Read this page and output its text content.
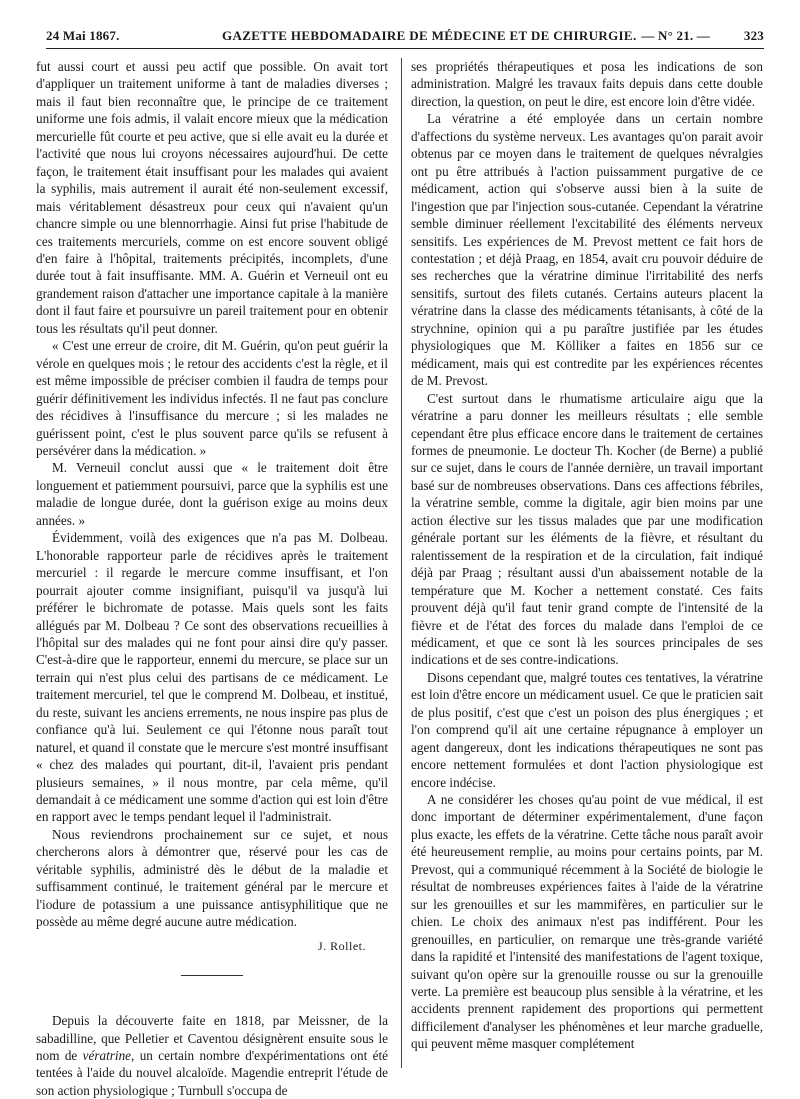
24 Mai 1867.	GAZETTE HEBDOMADAIRE DE MÉDECINE ET DE CHIRURGIE. — N° 21. —	323

fut aussi court et aussi peu actif que possible. On avait tort d'appliquer un traitement uniforme à tant de maladies diverses ; mais il faut bien reconnaître que, le principe de ce traitement uniforme une fois admis, il valait encore mieux que la médication mercurielle fût courte et peu active, que si elle avait eu la durée et l'activité que nous lui croyons nécessaires aujourd'hui. De cette façon, le traitement était insuffisant pour les malades qui avaient la syphilis, mais autrement il aurait été non-seulement excessif, mais véritablement désastreux pour ceux qui n'avaient qu'un chancre simple ou une blennorrhagie. Ainsi fut prise l'habitude de ces traitements mercuriels, comme on est encore souvent obligé d'en faire à l'hôpital, traitements précipités, incomplets, d'une durée tout à fait insuffisante. MM. A. Guérin et Verneuil ont eu grandement raison d'attacher une importance capitale à la manière dont il faut faire et poursuivre un pareil traitement pour en obtenir tous les résultats qu'il peut donner.

« C'est une erreur de croire, dit M. Guérin, qu'on peut guérir la vérole en quelques mois ; le retour des accidents c'est la règle, et il est même impossible de préciser combien il faudra de temps pour guérir définitivement les individus infectés. Il ne faut pas conclure des récidives à l'insuffisance du mercure ; si les malades ne guérissent point, c'est le plus souvent parce qu'ils se refusent à persévérer dans la médication. »

M. Verneuil conclut aussi que « le traitement doit être longuement et patiemment poursuivi, parce que la syphilis est une maladie de longue durée, dont la guérison exige au moins deux années. »

Évidemment, voilà des exigences que n'a pas M. Dolbeau. L'honorable rapporteur parle de récidives après le traitement mercuriel : il regarde le mercure comme insuffisant, et l'on pourrait ajouter comme insignifiant, puisqu'il va jusqu'à lui préférer le bichromate de potasse. Mais quels sont les faits allégués par M. Dolbeau ? Ce sont des observations recueillies à l'hôpital sur des malades qui ne font pour ainsi dire qu'y passer. C'est-à-dire que le rapporteur, ennemi du mercure, se place sur un terrain qui n'est plus celui des partisans de ce médicament. Le traitement mercuriel, tel que le comprend M. Dolbeau, et institué, du reste, suivant les anciens errements, ne nous inspire pas plus de confiance qu'à lui. Seulement ce qui l'étonne nous paraît tout naturel, et quand il constate que le mercure s'est montré insuffisant « chez des malades qui pourtant, dit-il, l'avaient pris pendant plusieurs semaines, » il nous montre, par cela même, qu'il demandait à ce médicament une somme d'action qui est loin d'être en rapport avec le temps pendant lequel il l'administrait.

Nous reviendrons prochainement sur ce sujet, et nous chercherons alors à démontrer que, réservé pour les cas de véritable syphilis, administré dès le début de la maladie et suffisamment continué, le traitement général par le mercure et l'iodure de potassium a une puissance antisyphilitique que ne possède au même degré aucune autre médication.

J. Rollet.

Depuis la découverte faite en 1818, par Meissner, de la sabadilline, que Pelletier et Caventou désignèrent ensuite sous le nom de vératrine, un certain nombre d'expérimentations ont été tentées à l'aide du nouvel alcaloïde. Magendie entreprit l'étude de son action physiologique ; Turnbull s'occupa de

ses propriétés thérapeutiques et posa les indications de son administration. Malgré les travaux faits depuis dans cette double direction, la question, on peut le dire, est encore loin d'être vidée.

La vératrine a été employée dans un certain nombre d'affections du système nerveux. Les avantages qu'on parait avoir obtenus par ce moyen dans le traitement de quelques névralgies ont pu être attribués à l'action puissamment purgative de ce médicament, action qui s'observe aussi bien à la suite de l'ingestion que par l'injection sous-cutanée. Cependant la vératrine semble diminuer réellement l'excitabilité des éléments nerveux sensitifs. Les expériences de M. Prevost mettent ce fait hors de contestation ; et déjà Praag, en 1854, avait cru pouvoir déduire de ses recherches que la vératrine diminue l'irritabilité des nerfs sensitifs, surtout des filets cutanés. Certains auteurs placent la vératrine dans la classe des médicaments tétanisants, à côté de la strychnine, opinion qui a pu paraître justifiée par les études physiologiques que M. Kölliker a faites en 1856 sur ce médicament, mais qui est contredite par les expériences récentes de M. Prevost.

C'est surtout dans le rhumatisme articulaire aigu que la vératrine a paru donner les meilleurs résultats ; elle semble cependant être plus efficace encore dans le traitement de certaines formes de pneumonie. Le docteur Th. Kocher (de Berne) a publié sur ce sujet, dans le cours de l'année dernière, un travail important basé sur de nombreuses observations. Dans ces affections fébriles, la vératrine semble, comme la digitale, agir bien moins par une action élective sur les tissus malades que par une modification générale portant sur les éléments de la fièvre, et résultant du ralentissement de la respiration et de la circulation, fait indiqué déjà par Praag ; résultant aussi d'un abaissement notable de la température que M. Kocher a nettement constaté. Ces faits prouvent déjà qu'il faut tenir grand compte de l'intensité de la fièvre et de l'état des forces du malade dans l'emploi de ce médicament, et que ce sont là les sources principales de ses indications et de ses contre-indications.

Disons cependant que, malgré toutes ces tentatives, la vératrine est loin d'être encore un médicament usuel. Ce que le praticien sait de plus positif, c'est que c'est un poison des plus énergiques ; et l'on comprend qu'il ait une certaine répugnance à employer un agent dangereux, dont les indications thérapeutiques ne sont pas encore nettement formulées et dont l'action physiologique est encore indécise.

A ne considérer les choses qu'au point de vue médical, il est donc important de déterminer expérimentalement, d'une façon plus exacte, les effets de la vératrine. Cette tâche nous paraît avoir été heureusement remplie, au moins pour certains points, par M. Prevost, qui a communiqué récemment à la Société de biologie le résultat de nombreuses expériences faites à l'aide de la vératrine sur les grenouilles et sur les mammifères, en particulier sur le chien. Le choix des animaux n'est pas indifférent. Pour les grenouilles, en particulier, on remarque une très-grande variété dans la rapidité et l'intensité des manifestations de l'agent toxique, suivant qu'on opère sur la grenouille rousse ou sur la grenouille verte. La première est beaucoup plus sensible à la vératrine, et les accidents prennent rapidement des proportions qui permettent difficilement d'analyser les phénomènes et leur marche graduelle, qui peuvent même masquer complétement
